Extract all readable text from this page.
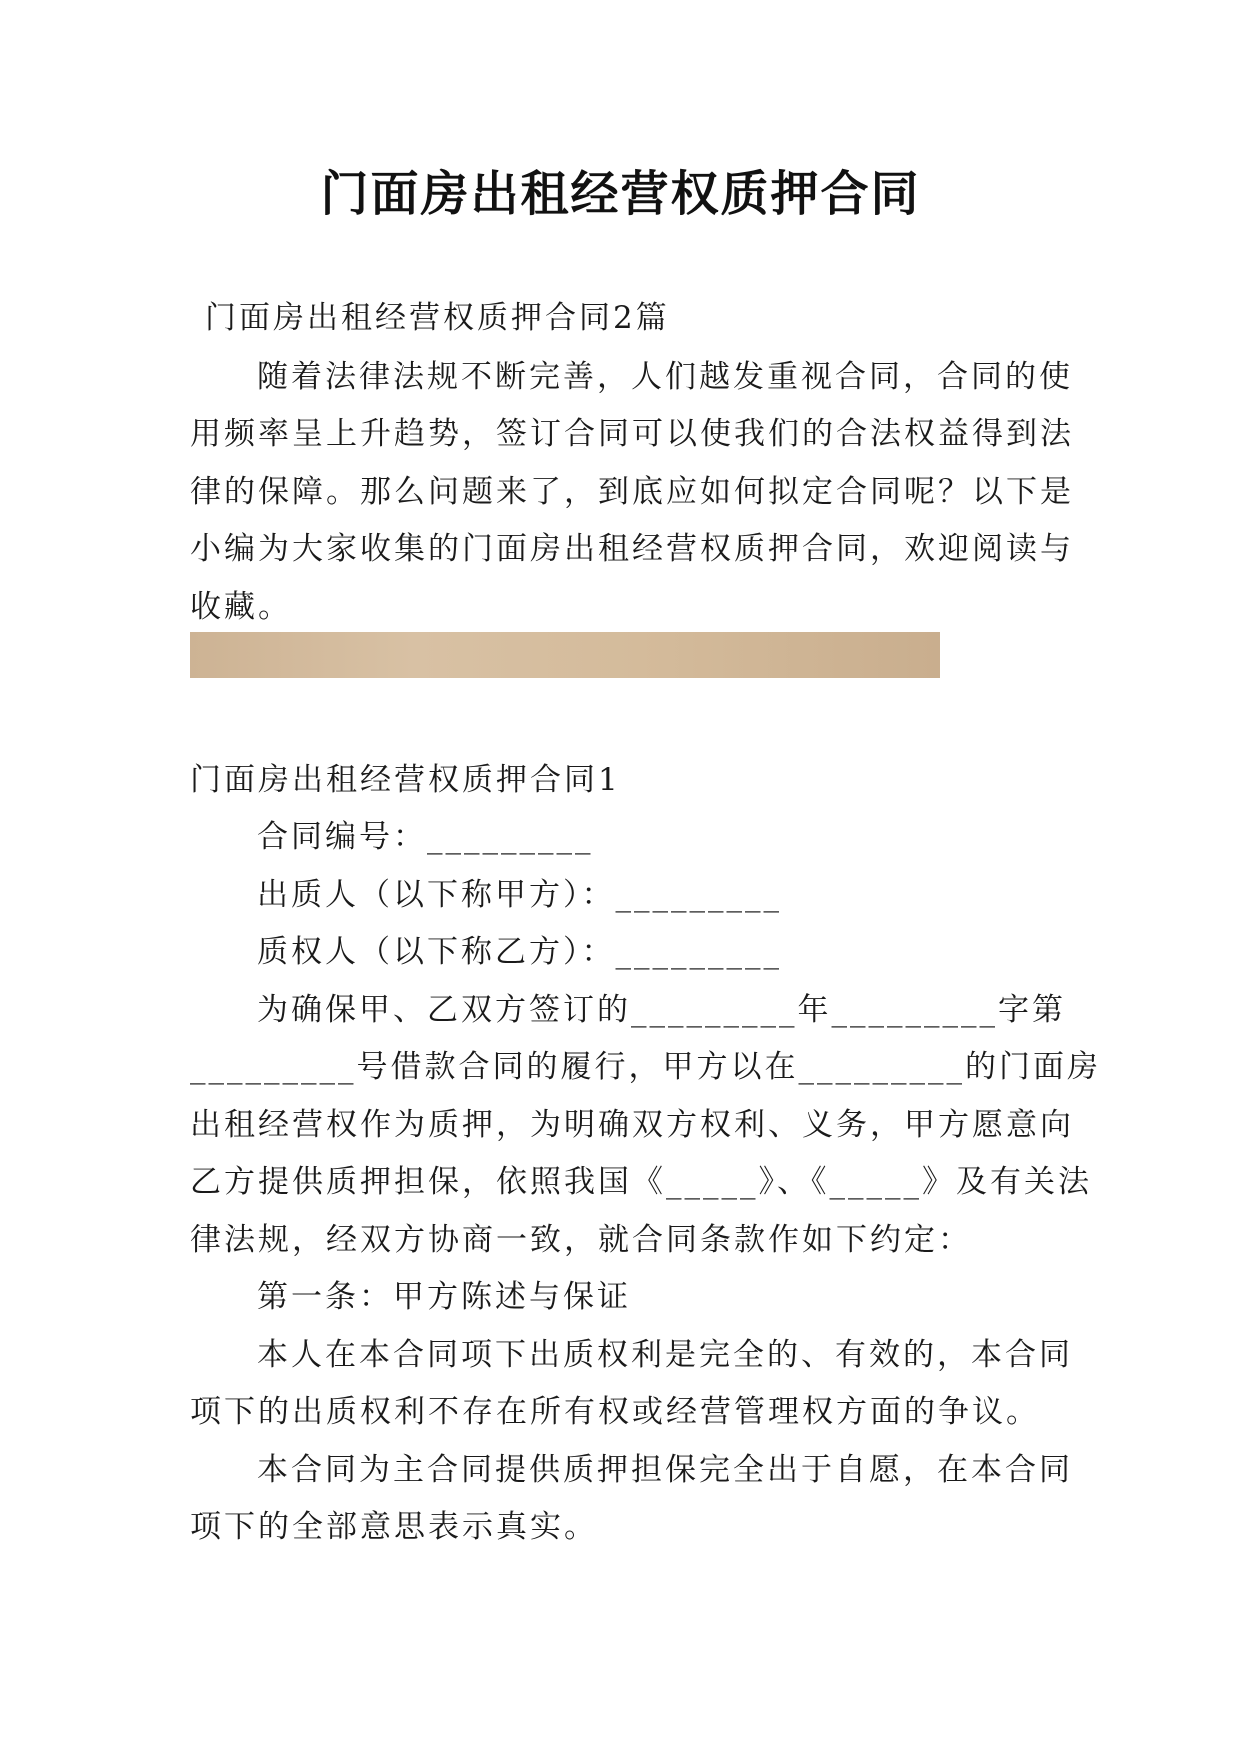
门面房出租经营权质押合同
门面房出租经营权质押合同2篇
随着法律法规不断完善，人们越发重视合同，合同的使
用频率呈上升趋势，签订合同可以使我们的合法权益得到法
律的保障。那么问题来了，到底应如何拟定合同呢？以下是
小编为大家收集的门面房出租经营权质押合同，欢迎阅读与
收藏。
门面房出租经营权质押合同1
合同编号：_________
出质人（以下称甲方）：_________
质权人（以下称乙方）：_________
为确保甲、乙双方签订的_________年_________字第
_________号借款合同的履行，甲方以在_________的门面房
出租经营权作为质押，为明确双方权利、义务，甲方愿意向
乙方提供质押担保，依照我国《_____》、《_____》及有关法
律法规，经双方协商一致，就合同条款作如下约定：
第一条：甲方陈述与保证
本人在本合同项下出质权利是完全的、有效的，本合同
项下的出质权利不存在所有权或经营管理权方面的争议。
本合同为主合同提供质押担保完全出于自愿，在本合同
项下的全部意思表示真实。
